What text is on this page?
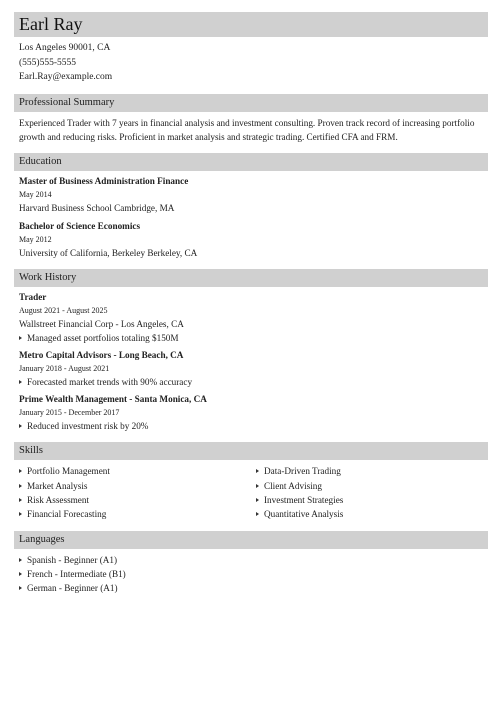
Earl Ray
Los Angeles 90001, CA
(555)555-5555
Earl.Ray@example.com
Professional Summary
Experienced Trader with 7 years in financial analysis and investment consulting. Proven track record of increasing portfolio growth and reducing risks. Proficient in market analysis and strategic trading. Certified CFA and FRM.
Education
Master of Business Administration Finance
May 2014
Harvard Business School Cambridge, MA
Bachelor of Science Economics
May 2012
University of California, Berkeley Berkeley, CA
Work History
Trader
August 2021 - August 2025
Wallstreet Financial Corp - Los Angeles, CA
Managed asset portfolios totaling $150M
Metro Capital Advisors - Long Beach, CA
January 2018 - August 2021
Forecasted market trends with 90% accuracy
Prime Wealth Management - Santa Monica, CA
January 2015 - December 2017
Reduced investment risk by 20%
Skills
Portfolio Management
Market Analysis
Risk Assessment
Financial Forecasting
Data-Driven Trading
Client Advising
Investment Strategies
Quantitative Analysis
Languages
Spanish - Beginner (A1)
French - Intermediate (B1)
German - Beginner (A1)
